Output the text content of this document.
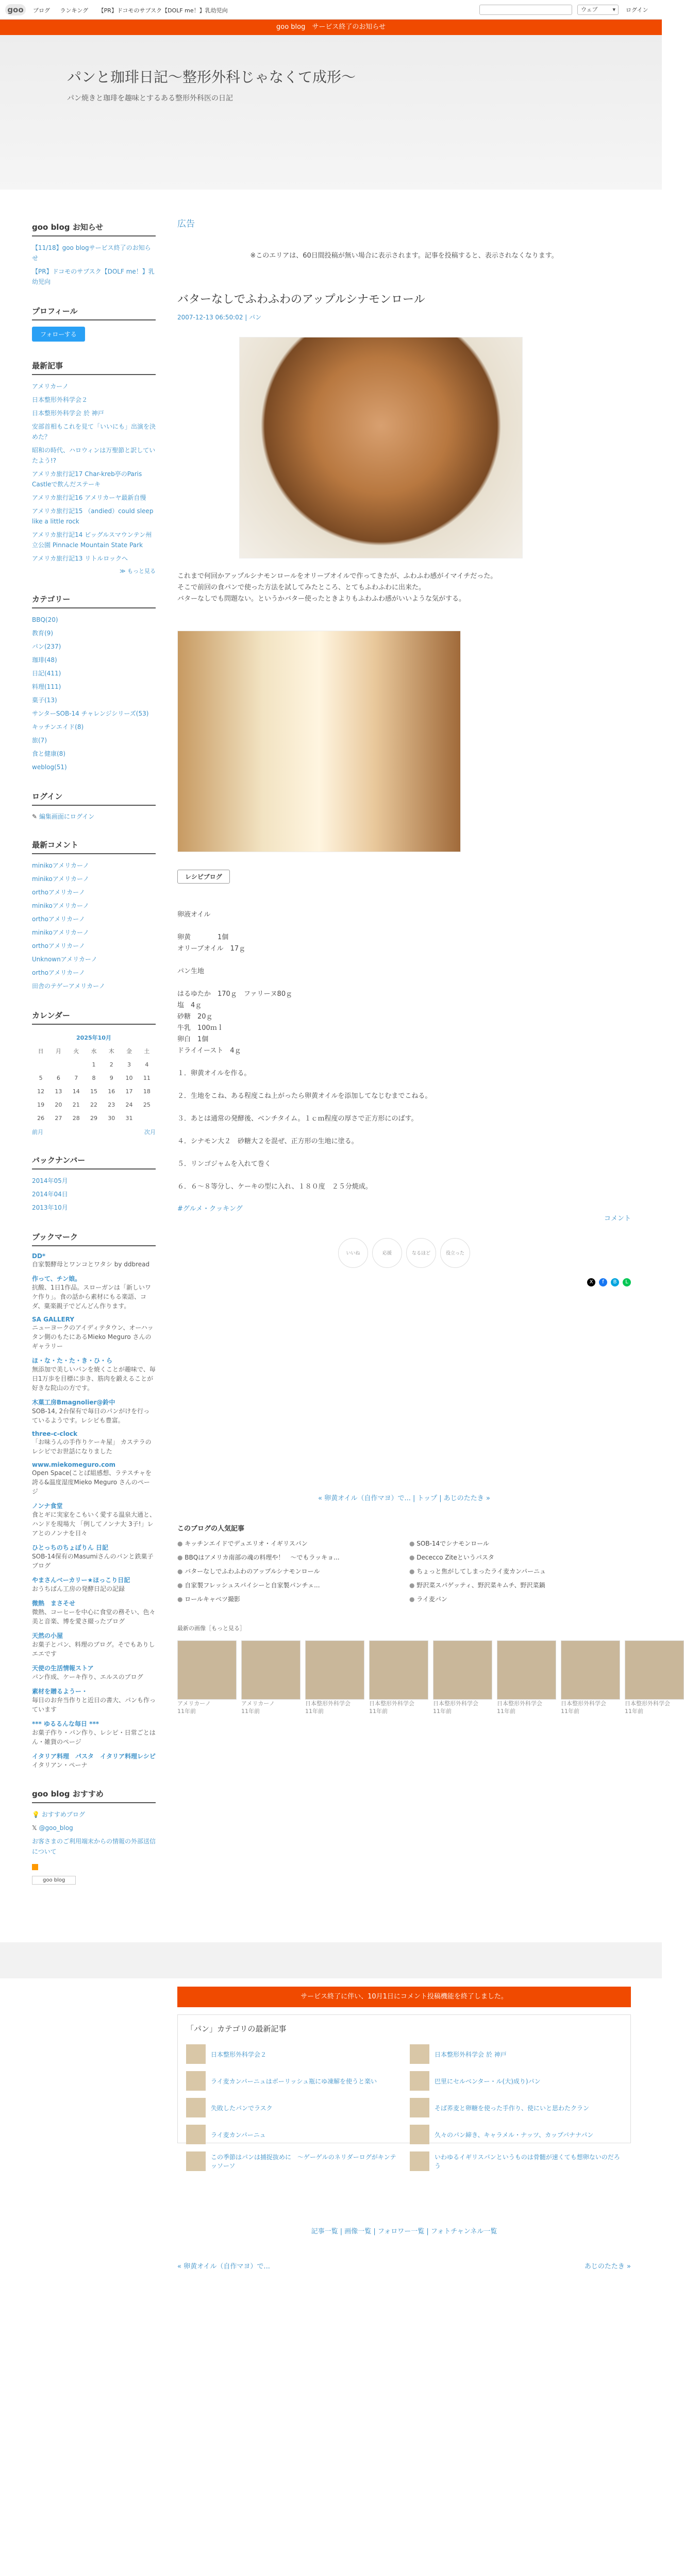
goo	ブログ ランキング 【PR】ドコモのサブスク【DOLF me！】乳幼児向	ウェブ ▾	ログイン
goo blog　サービス終了のお知らせ
パンと珈琲日記〜整形外科じゃなくて成形〜
パン焼きと珈琲を趣味とするある整形外科医の日記
goo blog お知らせ
【11/18】goo blogサービス終了のお知らせ
【PR】ドコモのサブスク【DOLF me！】乳幼児向
プロフィール
フォローする
最新記事
アメリカーノ
日本整形外科学会２
日本整形外科学会 於 神戸
安部首相もこれを見て「いいにも」出演を決めた？
昭和の時代、ハロウィンは万聖節と訳していたよう!?
アメリカ旅行記17 Char-kreb亭のParis Castleで飲んだステーキ
アメリカ旅行記16 アメリカーヤ最新自慢
アメリカ旅行記15 （andied）could sleep like a little rock
アメリカ旅行記14 ビッグルスマウンテン州立公園 Pinnacle Mountain State Park
アメリカ旅行記13 リトルロックへ
≫ もっと見る
カテゴリー
BBQ(20)
教育(9)
パン(237)
珈琲(48)
日記(411)
料理(111)
菓子(13)
サンターSOB-14 チャレンジシリーズ(53)
キッチンエイド(8)
旅(7)
食と健康(8)
weblog(51)
ログイン
✎ 編集画面にログイン
最新コメント
minikoアメリカーノ
minikoアメリカーノ
orthoアメリカーノ
minikoアメリカーノ
orthoアメリカーノ
minikoアメリカーノ
orthoアメリカーノ
Unknownアメリカーノ
orthoアメリカーノ
田舎のテゲーアメリカーノ
カレンダー
2025年10月						
日	月	火	水	木	金	土
			1	2	3	4
5	6	7	8	9	10	11
12	13	14	15	16	17	18
19	20	21	22	23	24	25
26	27	28	29	30	31	
前月	次月
バックナンバー
2014年05月
2014年04日
2013年10月
ブックマーク
DD*
自家製酵母とワンコとワタシ by ddbread
作って、チン娘。
抗酸、1日1作品。スローガンは「新しいワケ作り」。食の話から素材にもる楽語、コダ、菓楽親子でどんどん作ります。
SA GALLERY
ニューヨークのアイディテタウン、オーハッタン側のもたにあるMieko Meguro さんのギャラリー
ほ・な・た・た・き・ひ・ら
無添加で美しいパンを焼くことが趣味で、毎日1万歩を目標に歩き、筋肉を鍛えることが好きな院山の方です。
木菓工房Bmagnolier@鈴中
SOB-14, 2台保有で毎日のパンがけを行っているようです。レシピも豊富。
three-c-clock
「お味うんの手作りケーキ屋」 カステラのレシピでお世話になりました
www.miekomeguro.com
Open Space(ことば組感想、ラテスチャを誇る&温度湿度Mieko Meguro さんのページ
ノンナ食堂
食とギに実家をこもいく愛する温泉大通と、ハンドを現場大 「例してノンナ大 3子!」レアとのノンナを日々
ひとっちのちょぼりん 日記
SOB-14保有のMasumiさんのパンと鉄菓子ブログ
やまさんベーカリー★ほっこり日記
おうちぱん工房の発酵日記の記録
微熱　まさそせ
微熱、コーヒーを中心に食堂の務そい、色々美と音楽、博を愛さ綴ったブログ
天然の小屋
お菓子とパン、料理のブログ。そでもありしエエです
天使の生活情報ストア
パン作成、ケーキ作り、エルスのブログ
素材を贈るようー・
毎日のお弁当作りと近日の書大、パンも作っています
*** ゆるるんな毎日 ***
お菓子作り・パン作り、レシピ・日常ごとはん・雑貨のページ
イタリア料理　パスタ　イタリア料理レシピ
イタリアン・ペーナ
goo blog おすすめ
💡 おすすめブログ
𝕏 @goo_blog
お客さまのご利用端末からの情報の外部送信について
goo blog
広告
※このエリアは、60日間投稿が無い場合に表示されます。記事を投稿すると、表示されなくなります。
バターなしでふわふわのアップルシナモンロール
2007-12-13 06:50:02 | パン

これまで何回かアップルシナモンロールをオリーブオイルで作ってきたが、ふわふわ感がイマイチだった。

そこで前回の食パンで使った方法を試してみたところ、とてもふわふわに出来た。

バターなしでも問題ない。というかバター使ったときよりもふわふわ感がいいような気がする。

レシピブログ

卵液オイル

卵黄　　　　1個

オリーブオイル　17ｇ

パン生地

はるゆたか　170ｇ　ファリーヌ80ｇ

塩　4ｇ

砂糖　20ｇ

牛乳　100ｍｌ

卵白　1個

ドライイースト　4ｇ

１．卵黄オイルを作る。

２．生地をこね、ある程度こね上がったら卵黄オイルを添加してなじむまでこねる。

３．あとは通常の発酵後、ベンチタイム。１ｃｍ程度の厚さで正方形にのばす。

４．シナモン大２　砂糖大２を混ぜ、正方形の生地に塗る。

５．リンゴジャムを入れて巻く

６．６〜８等分し、ケーキの型に入れ、１８０度　２５分焼成。

#グルメ・クッキング
コメント
いいね	応援	なるほど	役立った
X	f	B	L
« 卵黄オイル（自作マヨ）で... | トップ | あじのたたき »
このブログの人気記事
● キッチンエイドでデュエリオ・イギリスパン	● SOB-14でシナモンロール
● BBQはアメリカ南部の魂の料理や！　〜でもラッキョ...	● Dececco Ziteというパスタ
● バターなしでふわふわのアップルシナモンロール	● ちょっと焦がしてしまったライ麦カンパーニュ
● 自家製フレッシュスパイシーと自家製パンチェ...	● 野沢菜スパゲッティ、野沢菜キムチ、野沢菜鍋
● ロールキャベツ撮影	● ライ麦パン
最新の画像［もっと見る］
アメリカーノ
11年前
アメリカーノ
11年前
日本整形外科学会
11年前
日本整形外科学会
11年前
日本整形外科学会
11年前
日本整形外科学会
11年前
日本整形外科学会
11年前
日本整形外科学会
11年前
サービス終了に伴い、10月1日にコメント投稿機能を終了しました。
「パン」カテゴリの最新記事
日本整形外科学会２	日本整形外科学会 於 神戸
ライ麦カンパーニュはボーリッシュ瓶にゆ凍解を使うと楽い	巴里にセルベンター・ル(大)成り)パン
失敗したパンでラスク	そば荞麦と卵糖を使った手作り、使にいと思わたクラン
ライ麦カンパーニュ	久々のパン締き、キャラメル・ナッツ、カップパナナパン
この季節はパンは捕捉抜めに　〜ゲーゲルのネリダーログがキンテッソーソ
いわゆるイギリスパンというものは骨髄が速くても想卵ないのだろう
記事一覧 | 画像一覧 | フォロワー一覧 | フォトチャンネル一覧
« 卵黄オイル（自作マヨ）で...	あじのたたき »
